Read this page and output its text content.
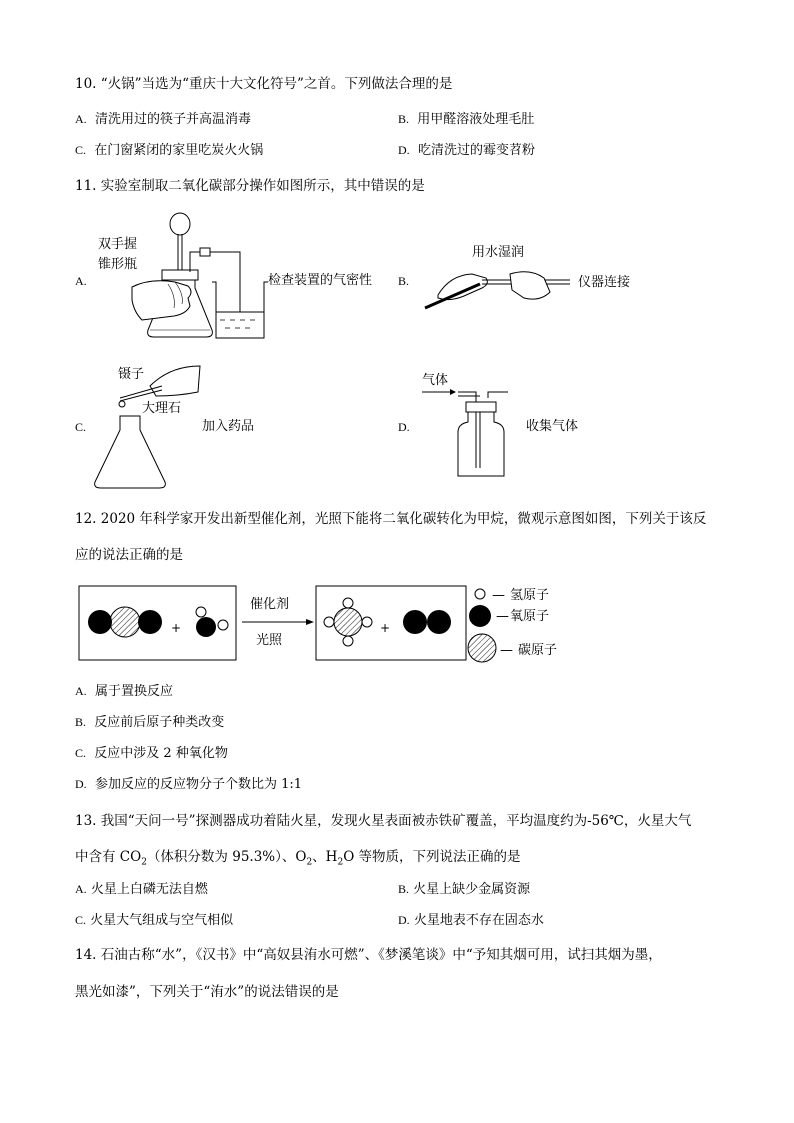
10. “火锅”当选为“重庆十大文化符号”之首。下列做法合理的是
A. 清洗用过的筷子并高温消毒	B. 用甲醛溶液处理毛肚
C. 在门窗紧闭的家里吃炭火火锅	D. 吃清洗过的霉变苕粉
11. 实验室制取二氧化碳部分操作如图所示，其中错误的是
A.
双手握
锥形瓶
检查装置的气密性 B.
用水湿润
仪器连接
C.
镊子
大理石
加入药品	D.
气体
收集气体
12. 2020 年科学家开发出新型催化剂，光照下能将二氧化碳转化为甲烷，微观示意图如图，下列关于该反
应的说法正确的是
+
催化剂
光照
+
— 氢原子
— 氧原子
— 碳原子
A. 属于置换反应
B. 反应前后原子种类改变
C. 反应中涉及 2 种氧化物
D. 参加反应的反应物分子个数比为 1:1
13. 我国“天问一号”探测器成功着陆火星，发现火星表面被赤铁矿覆盖，平均温度约为-56℃，火星大气
中含有 $CO_2$（体积分数为 95.3%）、$O_2$、$H_2O$ 等物质，下列说法正确的是
A. 火星上白磷无法自燃	B. 火星上缺少金属资源
C. 火星大气组成与空气相似	D. 火星地表不存在固态水
14. 石油古称“水”，《汉书》中“高奴县洧水可燃”、《梦溪笔谈》中“予知其烟可用，试扫其烟为墨，
黑光如漆”，下列关于“洧水”的说法错误的是
